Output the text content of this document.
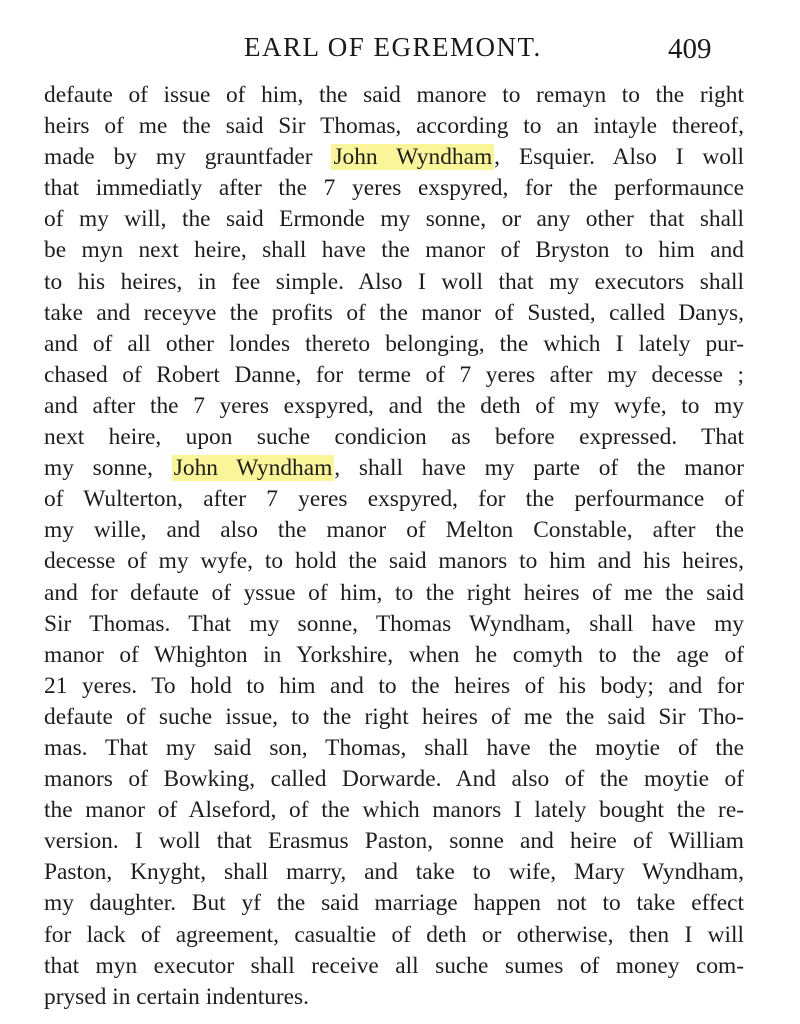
EARL OF EGREMONT.	409
defaute of issue of him, the said manore to remayn to the right
heirs of me the said Sir Thomas, according to an intayle thereof,
made by my grauntfader John Wyndham, Esquier. Also I woll
that immediatly after the 7 yeres exspyred, for the performaunce
of my will, the said Ermonde my sonne, or any other that shall
be myn next heire, shall have the manor of Bryston to him and
to his heires, in fee simple. Also I woll that my executors shall
take and receyve the profits of the manor of Susted, called Danys,
and of all other londes thereto belonging, the which I lately pur-
chased of Robert Danne, for terme of 7 yeres after my decesse ;
and after the 7 yeres exspyred, and the deth of my wyfe, to my
next heire, upon suche condicion as before expressed. That
my sonne, John Wyndham, shall have my parte of the manor
of Wulterton, after 7 yeres exspyred, for the perfourmance of
my wille, and also the manor of Melton Constable, after the
decesse of my wyfe, to hold the said manors to him and his heires,
and for defaute of yssue of him, to the right heires of me the said
Sir Thomas. That my sonne, Thomas Wyndham, shall have my
manor of Whighton in Yorkshire, when he comyth to the age of
21 yeres. To hold to him and to the heires of his body; and for
defaute of suche issue, to the right heires of me the said Sir Tho-
mas. That my said son, Thomas, shall have the moytie of the
manors of Bowking, called Dorwarde. And also of the moytie of
the manor of Alseford, of the which manors I lately bought the re-
version. I woll that Erasmus Paston, sonne and heire of William
Paston, Knyght, shall marry, and take to wife, Mary Wyndham,
my daughter. But yf the said marriage happen not to take effect
for lack of agreement, casualtie of deth or otherwise, then I will
that myn executor shall receive all suche sumes of money com-
prysed in certain indentures.
